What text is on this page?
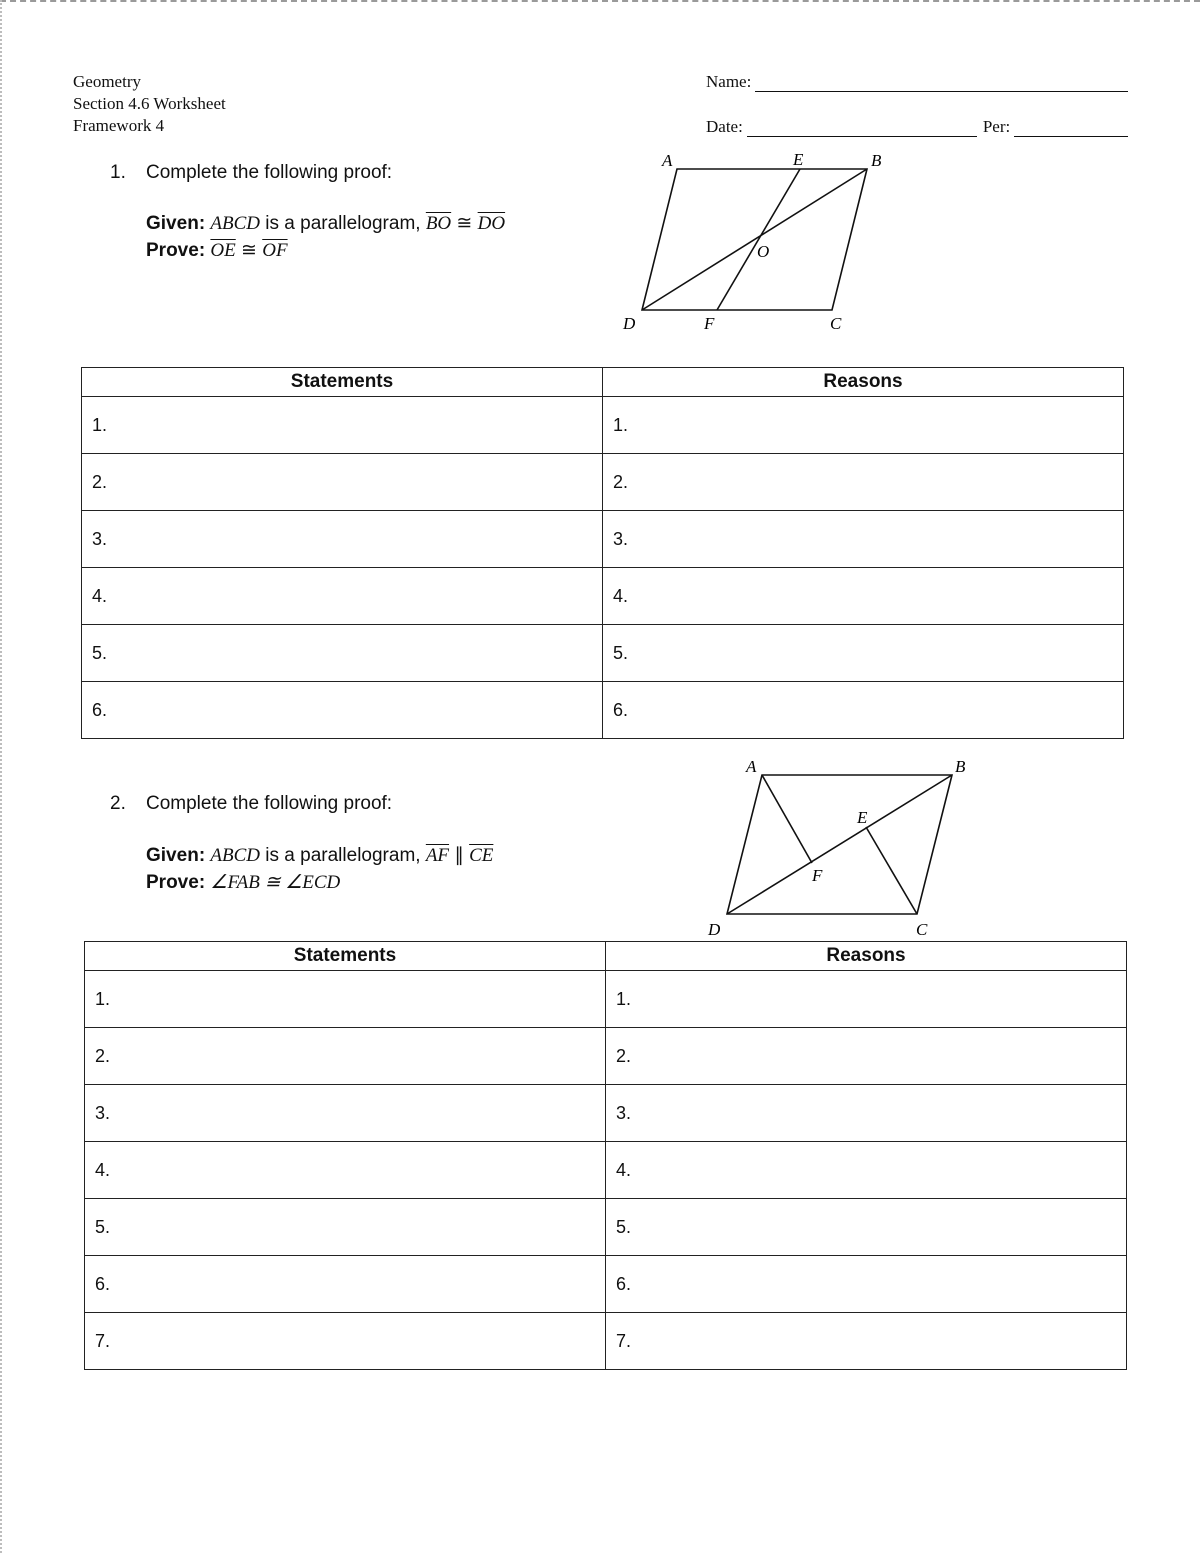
Geometry
Section 4.6 Worksheet
Framework 4
Name:
Date:	Per:
1. Complete the following proof:
Given: ABCD is a parallelogram, $\overline{BO}$ ≅ $\overline{DO}$
Prove: $\overline{OE}$ ≅ $\overline{OF}$
A	E	B
O
D	F	C
Statements	Reasons
1.	1.
2.	2.
3.	3.
4.	4.
5.	5.
6.	6.
2. Complete the following proof:
Given: ABCD is a parallelogram, $\overline{AF}$ ∥ $\overline{CE}$
Prove: ∠FAB ≅ ∠ECD
A	B
E
F
D	C
Statements	Reasons
1.	1.
2.	2.
3.	3.
4.	4.
5.	5.
6.	6.
7.	7.
